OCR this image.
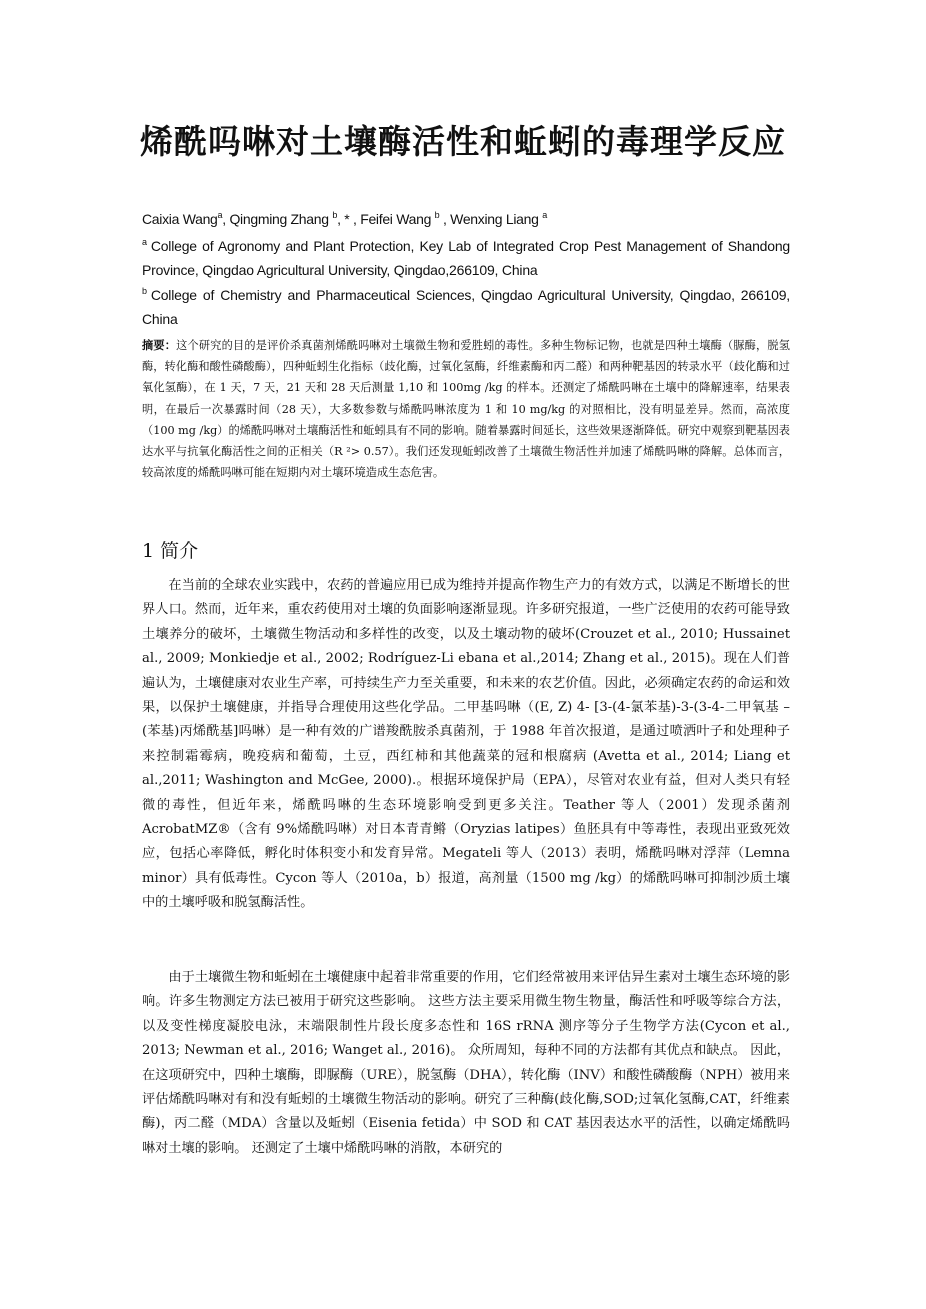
烯酰吗啉对土壤酶活性和蚯蚓的毒理学反应
Caixia Wang$^a$, Qingming Zhang $^b$, * , Feifei Wang $^b$ , Wenxing Liang $^a$
$^a$ College of Agronomy and Plant Protection, Key Lab of Integrated Crop Pest Management of Shandong Province, Qingdao Agricultural University, Qingdao,266109, China
$^b$ College of Chemistry and Pharmaceutical Sciences, Qingdao Agricultural University, Qingdao, 266109, China
摘要：这个研究的目的是评价杀真菌剂烯酰吗啉对土壤微生物和爱胜蚓的毒性。多种生物标记物，也就是四种土壤酶（脲酶，脱氢酶，转化酶和酸性磷酸酶），四种蚯蚓生化指标（歧化酶，过氧化氢酶，纤维素酶和丙二醛）和两种靶基因的转录水平（歧化酶和过氧化氢酶），在 1 天，7 天，21 天和 28 天后测量 1,10 和 100mg /kg 的样本。还测定了烯酰吗啉在土壤中的降解速率，结果表明，在最后一次暴露时间（28 天），大多数参数与烯酰吗啉浓度为 1 和 10 mg/kg 的对照相比，没有明显差异。然而，高浓度（100 mg /kg）的烯酰吗啉对土壤酶活性和蚯蚓具有不同的影响。随着暴露时间延长，这些效果逐渐降低。研究中观察到靶基因表达水平与抗氧化酶活性之间的正相关（R ²> 0.57）。我们还发现蚯蚓改善了土壤微生物活性并加速了烯酰吗啉的降解。总体而言，较高浓度的烯酰吗啉可能在短期内对土壤环境造成生态危害。
1 简介

在当前的全球农业实践中，农药的普遍应用已成为维持并提高作物生产力的有效方式，以满足不断增长的世界人口。然而，近年来，重农药使用对土壤的负面影响逐渐显现。许多研究报道，一些广泛使用的农药可能导致土壤养分的破坏，土壤微生物活动和多样性的改变，以及土壤动物的破坏(Crouzet et al., 2010; Hussainet al., 2009; Monkiedje et al., 2002; Rodríguez-Li ebana et al.,2014; Zhang et al., 2015)。现在人们普遍认为，土壤健康对农业生产率，可持续生产力至关重要，和未来的农艺价值。因此，必须确定农药的命运和效果，以保护土壤健康，并指导合理使用这些化学品。二甲基吗啉（(E, Z) 4- [3-(4-氯苯基)-3-(3-4-二甲氧基 – (苯基)丙烯酰基]吗啉）是一种有效的广谱羧酰胺杀真菌剂，于 1988 年首次报道，是通过喷洒叶子和处理种子来控制霜霉病，晚疫病和葡萄，土豆，西红柿和其他蔬菜的冠和根腐病 (Avetta et al., 2014; Liang et al.,2011; Washington and McGee, 2000).。根据环境保护局（EPA），尽管对农业有益，但对人类只有轻微的毒性，但近年来，烯酰吗啉的生态环境影响受到更多关注。Teather 等人（2001）发现杀菌剂AcrobatMZ®（含有 9%烯酰吗啉）对日本青青鳉（Oryzias latipes）鱼胚具有中等毒性，表现出亚致死效应，包括心率降低，孵化时体积变小和发育异常。Megateli 等人（2013）表明，烯酰吗啉对浮萍（Lemna minor）具有低毒性。Cycon 等人（2010a，b）报道，高剂量（1500 mg /kg）的烯酰吗啉可抑制沙质土壤中的土壤呼吸和脱氢酶活性。

由于土壤微生物和蚯蚓在土壤健康中起着非常重要的作用，它们经常被用来评估异生素对土壤生态环境的影响。许多生物测定方法已被用于研究这些影响。 这些方法主要采用微生物生物量，酶活性和呼吸等综合方法，以及变性梯度凝胶电泳，末端限制性片段长度多态性和 16S rRNA 测序等分子生物学方法(Cycon et al., 2013; Newman et al., 2016; Wanget al., 2016)。 众所周知，每种不同的方法都有其优点和缺点。 因此，在这项研究中，四种土壤酶，即脲酶（URE），脱氢酶（DHA），转化酶（INV）和酸性磷酸酶（NPH）被用来评估烯酰吗啉对有和没有蚯蚓的土壤微生物活动的影响。研究了三种酶(歧化酶,SOD;过氧化氢酶,CAT，纤维素酶)，丙二醛（MDA）含量以及蚯蚓（Eisenia fetida）中 SOD 和 CAT 基因表达水平的活性，以确定烯酰吗啉对土壤的影响。 还测定了土壤中烯酰吗啉的消散，本研究的
